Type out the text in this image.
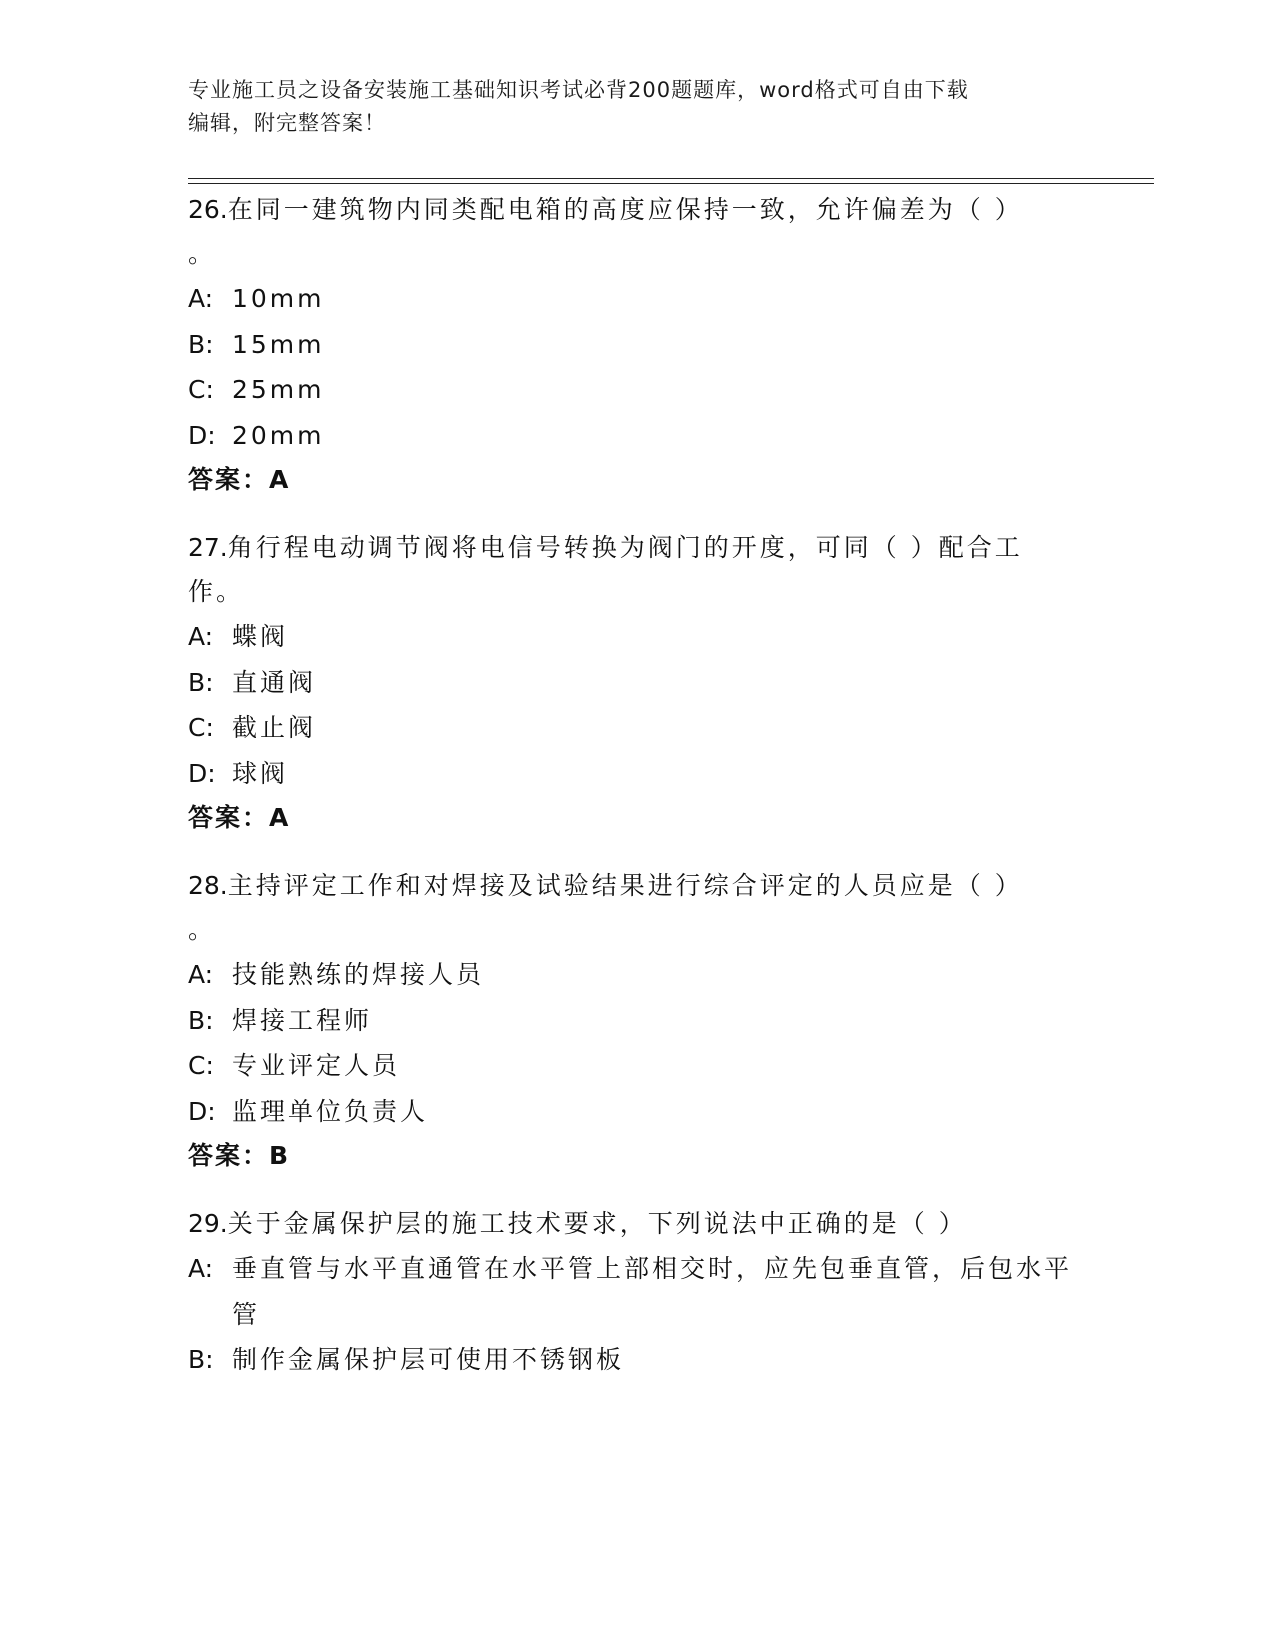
专业施工员之设备安装施工基础知识考试必背200题题库，word格式可自由下载
编辑，附完整答案！
26.在同一建筑物内同类配电箱的高度应保持一致，允许偏差为（ ）
。
A: 10mm
B: 15mm
C: 25mm
D: 20mm
答案：A
27.角行程电动调节阀将电信号转换为阀门的开度，可同（ ）配合工
作。
A: 蝶阀
B: 直通阀
C: 截止阀
D: 球阀
答案：A
28.主持评定工作和对焊接及试验结果进行综合评定的人员应是（ ）
。
A: 技能熟练的焊接人员
B: 焊接工程师
C: 专业评定人员
D: 监理单位负责人
答案：B
29.关于金属保护层的施工技术要求，下列说法中正确的是（ ）
A: 垂直管与水平直通管在水平管上部相交时，应先包垂直管，后包水平管
B: 制作金属保护层可使用不锈钢板
